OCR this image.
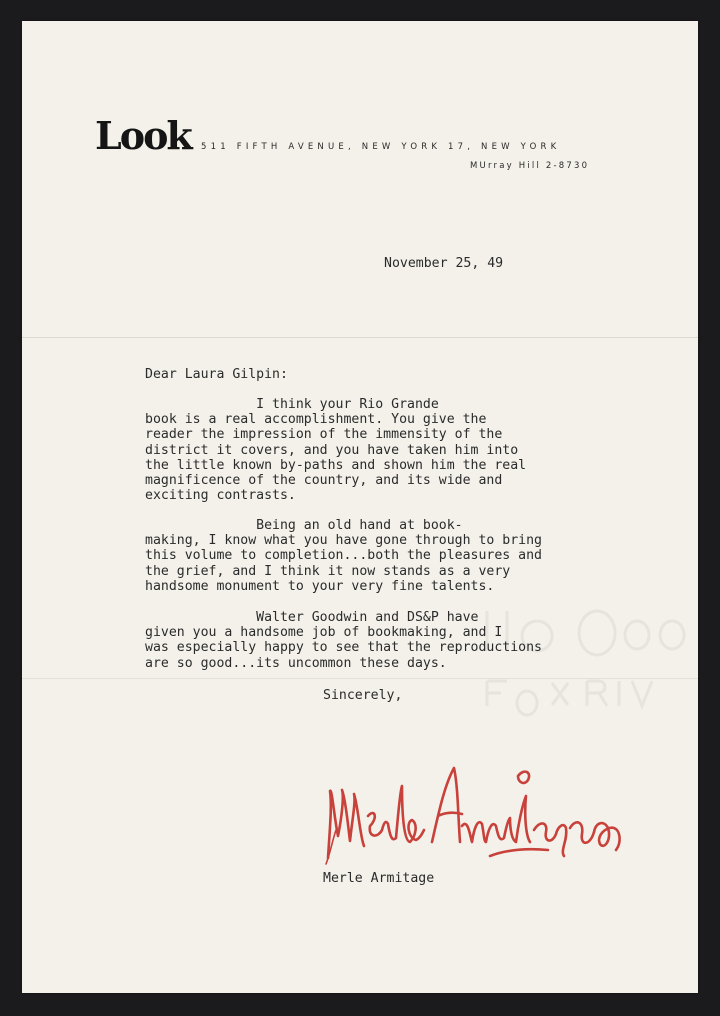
Look 511 FIFTH AVENUE, NEW YORK 17, NEW YORK
MUrray Hill 2-8730
November 25, 49
Dear Laura Gilpin:
I think your Rio Grande
book is a real accomplishment. You give the
reader the impression of the immensity of the
district it covers, and you have taken him into
the little known by-paths and shown him the real
magnificence of the country, and its wide and
exciting contrasts.
Being an old hand at book-
making, I know what you have gone through to bring
this volume to completion...both the pleasures and
the grief, and I think it now stands as a very
handsome monument to your very fine talents.
Walter Goodwin and DS&P have
given you a handsome job of bookmaking, and I
was especially happy to see that the reproductions
are so good...its uncommon these days.
Sincerely,
Merle Armitage
